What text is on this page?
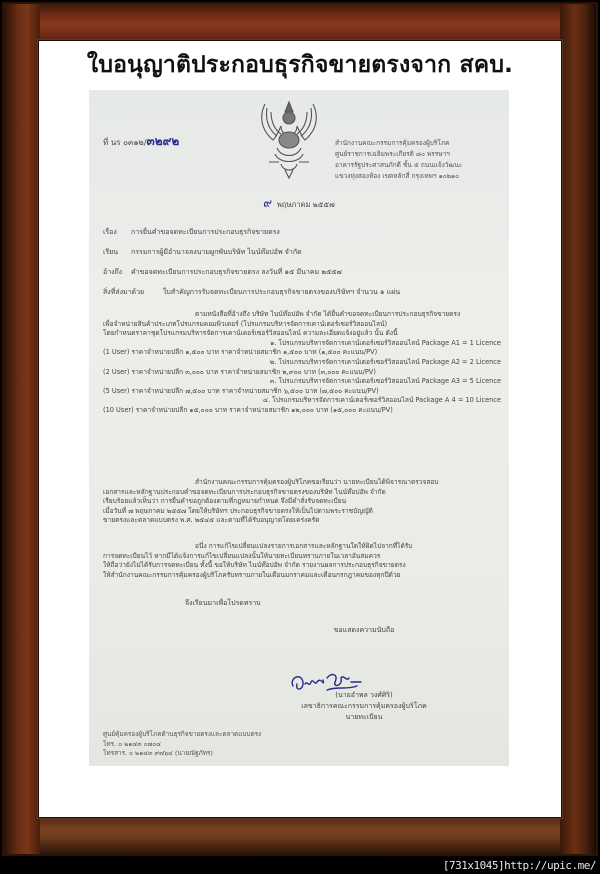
ใบอนุญาติประกอบธุรกิจขายตรงจาก สคบ.
ที่ นร ๐๓๑๒/๓๒๙๒	สำนักงานคณะกรรมการคุ้มครองผู้บริโภค
ศูนย์ราชการเฉลิมพระเกียรติ ๘๐ พรรษาฯ
อาคารรัฐประศาสนภักดี ชั้น ๕ ถนนแจ้งวัฒนะ
แขวงทุ่งสองห้อง เขตหลักสี่ กรุงเทพฯ ๑๐๒๑๐
๙ พฤษภาคม ๒๕๕๗
เรื่อง การยื่นคำขอจดทะเบียนการประกอบธุรกิจขายตรง
เรียน กรรมการผู้มีอำนาจลงนามผูกพันบริษัท ไนน์ท๊อปอัพ จำกัด
อ้างถึง คำขอจดทะเบียนการประกอบธุรกิจขายตรง ลงวันที่ ๑๕ มีนาคม ๒๕๕๗
สิ่งที่ส่งมาด้วย	ใบสำคัญการรับจดทะเบียนการประกอบธุรกิจขายตรงของบริษัทฯ จำนวน ๑ แผ่น
ตามหนังสือที่อ้างถึง บริษัท ไนน์ท๊อปอัพ จำกัด ได้ยื่นคำขอจดทะเบียนการประกอบธุรกิจขายตรง
เพื่อจำหน่ายสินค้าประเภทโปรแกรมคอมพิวเตอร์ (โปรแกรมบริหารจัดการเคาน์เตอร์เซอร์วิสออนไลน์)
โดยกำหนดราคาชุดโปรแกรมบริหารจัดการเคาน์เตอร์เซอร์วิสออนไลน์ ความละเอียดแจ้งอยู่แล้ว นั้น ดังนี้
๑. โปรแกรมบริหารจัดการเคาน์เตอร์เซอร์วิสออนไลน์ Package A1 = 1 Licence
(1 User) ราคาจำหน่ายปลีก ๑,๕๐๐ บาท ราคาจำหน่ายสมาชิก ๑,๕๐๐ บาท (๑,๕๐๐ คะแนน/PV)
๒. โปรแกรมบริหารจัดการเคาน์เตอร์เซอร์วิสออนไลน์ Package A2 = 2 Licence
(2 User) ราคาจำหน่ายปลีก ๓,๐๐๐ บาท ราคาจำหน่ายสมาชิก ๒,๙๐๐ บาท (๓,๐๐๐ คะแนน/PV)
๓. โปรแกรมบริหารจัดการเคาน์เตอร์เซอร์วิสออนไลน์ Package A3 = 5 Licence
(5 User) ราคาจำหน่ายปลีก ๗,๕๐๐ บาท ราคาจำหน่ายสมาชิก ๖,๕๐๐ บาท (๗,๕๐๐ คะแนน/PV)
๔. โปรแกรมบริหารจัดการเคาน์เตอร์เซอร์วิสออนไลน์ Package A 4 = 10 Licence
(10 User) ราคาจำหน่ายปลีก ๑๕,๐๐๐ บาท ราคาจำหน่ายสมาชิก ๑๒,๐๐๐ บาท (๑๕,๐๐๐ คะแนน/PV)
สำนักงานคณะกรรมการคุ้มครองผู้บริโภคขอเรียนว่า นายทะเบียนได้พิจารณาตรวจสอบ
เอกสารและหลักฐานประกอบคำขอจดทะเบียนการประกอบธุรกิจขายตรงของบริษัท ไนน์ท๊อปอัพ จำกัด
เรียบร้อยแล้วเห็นว่า การยื่นคำขอถูกต้องตามที่กฎหมายกำหนด จึงมีคำสั่งรับจดทะเบียน
เมื่อวันที่ ๗ พฤษภาคม ๒๕๕๗ โดยให้บริษัทฯ ประกอบธุรกิจขายตรงให้เป็นไปตามพระราชบัญญัติ
ขายตรงและตลาดแบบตรง พ.ศ. ๒๕๔๕ และตามที่ได้รับอนุญาตโดยเคร่งครัด
อนึ่ง การแก้ไขเปลี่ยนแปลงรายการเอกสารและหลักฐานใดให้ผิดไปจากที่ได้รับ
การจดทะเบียนไว้ หากมีได้แจ้งการแก้ไขเปลี่ยนแปลงนั้นให้นายทะเบียนทราบภายในเวลาอันสมควร
ให้ถือว่ายังไม่ได้รับการจดทะเบียน ทั้งนี้ ขอให้บริษัท ไนน์ท๊อปอัพ จำกัด รายงานผลการประกอบธุรกิจขายตรง
ให้สำนักงานคณะกรรมการคุ้มครองผู้บริโภครับทราบภายในเดือนมกราคมและเดือนกรกฎาคมของทุกปีด้วย
จึงเรียนมาเพื่อโปรดทราบ
ขอแสดงความนับถือ
(นายอำพล วงศ์ศิริ)
เลขาธิการคณะกรรมการคุ้มครองผู้บริโภค
นายทะเบียน
ศูนย์คุ้มครองผู้บริโภคด้านธุรกิจขายตรงและตลาดแบบตรง
โทร. ๐ ๒๑๔๓ ๐๗๐๔
โทรสาร. ๐ ๒๑๔๓ ๙๗๖๔ (นายณัฐภัทร)
[731x1045]http://upic.me/
